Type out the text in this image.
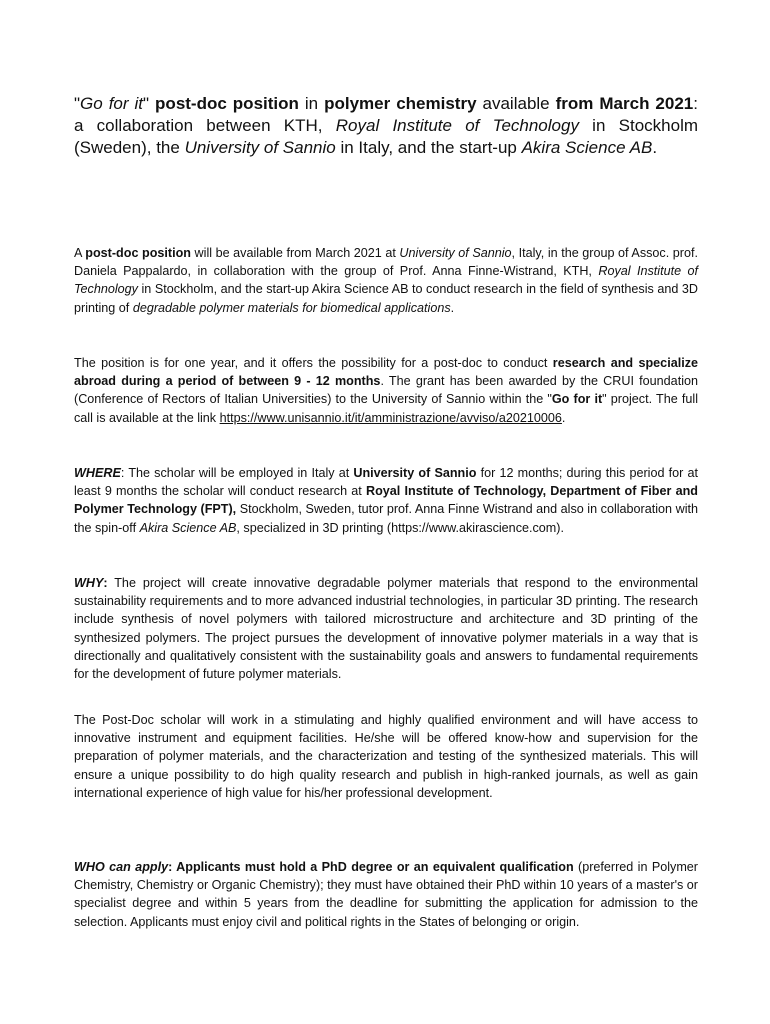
"Go for it" post-doc position in polymer chemistry available from March 2021: a collaboration between KTH, Royal Institute of Technology in Stockholm (Sweden), the University of Sannio in Italy, and the start-up Akira Science AB.

A post-doc position will be available from March 2021 at University of Sannio, Italy, in the group of Assoc. prof. Daniela Pappalardo, in collaboration with the group of Prof. Anna Finne-Wistrand, KTH, Royal Institute of Technology in Stockholm, and the start-up Akira Science AB to conduct research in the field of synthesis and 3D printing of degradable polymer materials for biomedical applications.

The position is for one year, and it offers the possibility for a post-doc to conduct research and specialize abroad during a period of between 9 - 12 months. The grant has been awarded by the CRUI foundation (Conference of Rectors of Italian Universities) to the University of Sannio within the "Go for it" project. The full call is available at the link https://www.unisannio.it/it/amministrazione/avviso/a20210006.

WHERE: The scholar will be employed in Italy at University of Sannio for 12 months; during this period for at least 9 months the scholar will conduct research at Royal Institute of Technology, Department of Fiber and Polymer Technology (FPT), Stockholm, Sweden, tutor prof. Anna Finne Wistrand and also in collaboration with the spin-off Akira Science AB, specialized in 3D printing (https://www.akirascience.com).

WHY: The project will create innovative degradable polymer materials that respond to the environmental sustainability requirements and to more advanced industrial technologies, in particular 3D printing. The research include synthesis of novel polymers with tailored microstructure and architecture and 3D printing of the synthesized polymers. The project pursues the development of innovative polymer materials in a way that is directionally and qualitatively consistent with the sustainability goals and answers to fundamental requirements for the development of future polymer materials.

The Post-Doc scholar will work in a stimulating and highly qualified environment and will have access to innovative instrument and equipment facilities. He/she will be offered know-how and supervision for the preparation of polymer materials, and the characterization and testing of the synthesized materials. This will ensure a unique possibility to do high quality research and publish in high-ranked journals, as well as gain international experience of high value for his/her professional development.

WHO can apply: Applicants must hold a PhD degree or an equivalent qualification (preferred in Polymer Chemistry, Chemistry or Organic Chemistry); they must have obtained their PhD within 10 years of a master's or specialist degree and within 5 years from the deadline for submitting the application for admission to the selection. Applicants must enjoy civil and political rights in the States of belonging or origin.
